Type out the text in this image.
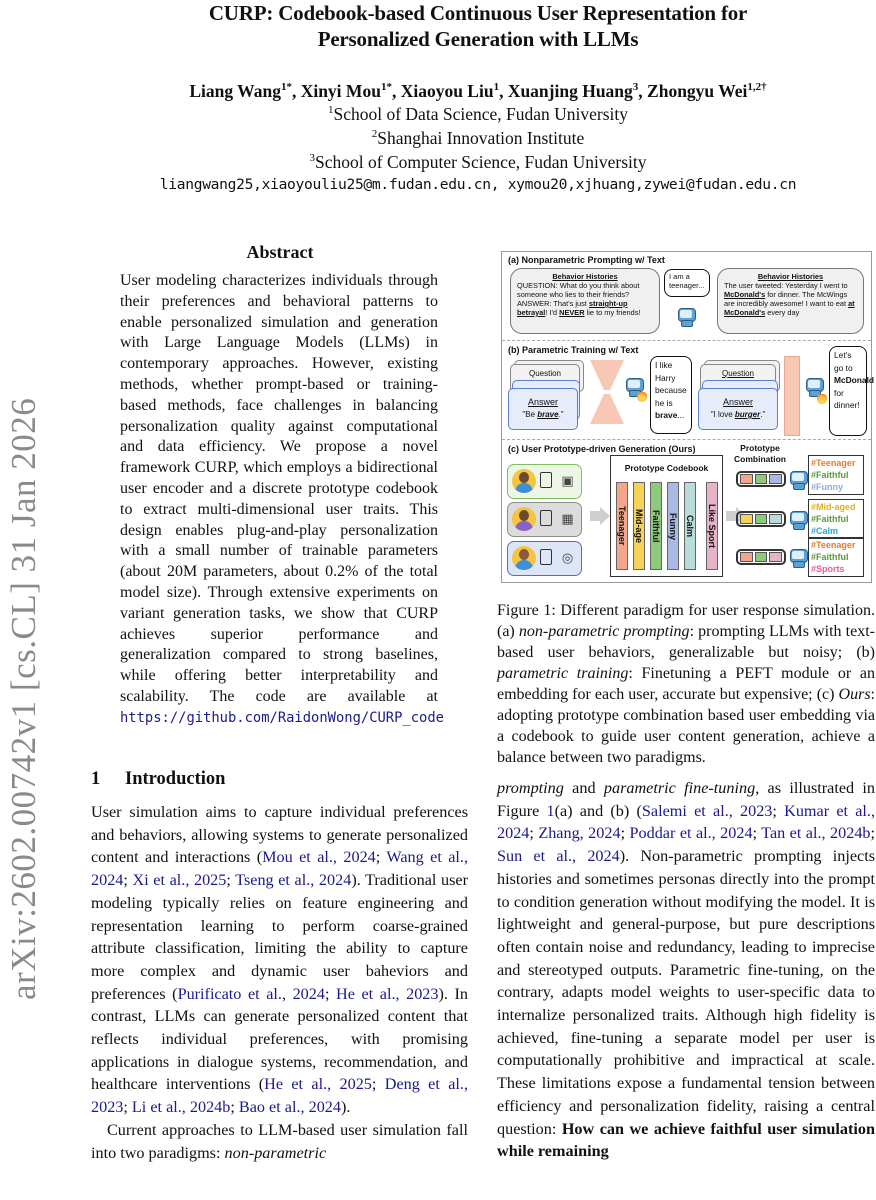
arXiv:2602.00742v1 [cs.CL] 31 Jan 2026
CURP: Codebook-based Continuous User Representation for
Personalized Generation with LLMs
Liang Wang$^{1*}$, Xinyi Mou$^{1*}$, Xiaoyou Liu$^1$, Xuanjing Huang$^3$, Zhongyu Wei$^{1,2\dagger}$
$^1$School of Data Science, Fudan University
$^2$Shanghai Innovation Institute
$^3$School of Computer Science, Fudan University
liangwang25,xiaoyouliu25@m.fudan.edu.cn, xymou20,xjhuang,zywei@fudan.edu.cn
Abstract
User modeling characterizes individuals through their preferences and behavioral patterns to enable personalized simulation and generation with Large Language Models (LLMs) in contemporary approaches. However, existing methods, whether prompt-based or training-based methods, face challenges in balancing personalization quality against computational and data efficiency. We propose a novel framework CURP, which employs a bidirectional user encoder and a discrete prototype codebook to extract multi-dimensional user traits. This design enables plug-and-play personalization with a small number of trainable parameters (about 20M parameters, about 0.2% of the total model size). Through extensive experiments on variant generation tasks, we show that CURP achieves superior performance and generalization compared to strong baselines, while offering better interpretability and scalability. The code are available at https://github.com/RaidonWong/CURP_code
1 Introduction

User simulation aims to capture individual preferences and behaviors, allowing systems to generate personalized content and interactions (Mou et al., 2024; Wang et al., 2024; Xi et al., 2025; Tseng et al., 2024). Traditional user modeling typically relies on feature engineering and representation learning to perform coarse-grained attribute classification, limiting the ability to capture more complex and dynamic user baheviors and preferences (Purificato et al., 2024; He et al., 2023). In contrast, LLMs can generate personalized content that reflects individual preferences, with promising applications in dialogue systems, recommendation, and healthcare interventions (He et al., 2025; Deng et al., 2023; Li et al., 2024b; Bao et al., 2024).

Current approaches to LLM-based user simulation fall into two paradigms: non-parametric

(a) Nonparametric Prompting w/ Text
Behavior Histories
QUESTION: What do you think about someone who lies to their friends?
ANSWER: That's just straight-up betrayal! I'd NEVER lie to my friends!
I am a teenager...
Behavior Histories
The user tweeted: Yesterday I went to McDonald's for dinner. The McWings are incredibly awesome! I want to eat at McDonald's every day
(b) Parametric Training w/ Text
Question
Answer
"Be brave."
I like Harry because he is brave...
Question
Answer
"I love burger."
Let's go to McDonald for dinner!
(c) User Prototype-driven Generation (Ours)	Prototype Combination
▣
▦
◎
Prototype Codebook
Teenager Mid-age Faithful Funny Calm Like Sport
#Teenager
#Faithful
#Funny
#Mid-aged
#Faithful
#Calm
#Teenager
#Faithful
#Sports
Figure 1: Different paradigm for user response simulation. (a) non-parametric prompting: prompting LLMs with text-based user behaviors, generalizable but noisy; (b) parametric training: Finetuning a PEFT module or an embedding for each user, accurate but expensive; (c) Ours: adopting prototype combination based user embedding via a codebook to guide user content generation, achieve a balance between two paradigms.

prompting and parametric fine-tuning, as illustrated in Figure 1(a) and (b) (Salemi et al., 2023; Kumar et al., 2024; Zhang, 2024; Poddar et al., 2024; Tan et al., 2024b; Sun et al., 2024). Non-parametric prompting injects histories and sometimes personas directly into the prompt to condition generation without modifying the model. It is lightweight and general-purpose, but pure descriptions often contain noise and redundancy, leading to imprecise and stereotyped outputs. Parametric fine-tuning, on the contrary, adapts model weights to user-specific data to internalize personalized traits. Although high fidelity is achieved, fine-tuning a separate model per user is computationally prohibitive and impractical at scale. These limitations expose a fundamental tension between efficiency and personalization fidelity, raising a central question: How can we achieve faithful user simulation while remaining
